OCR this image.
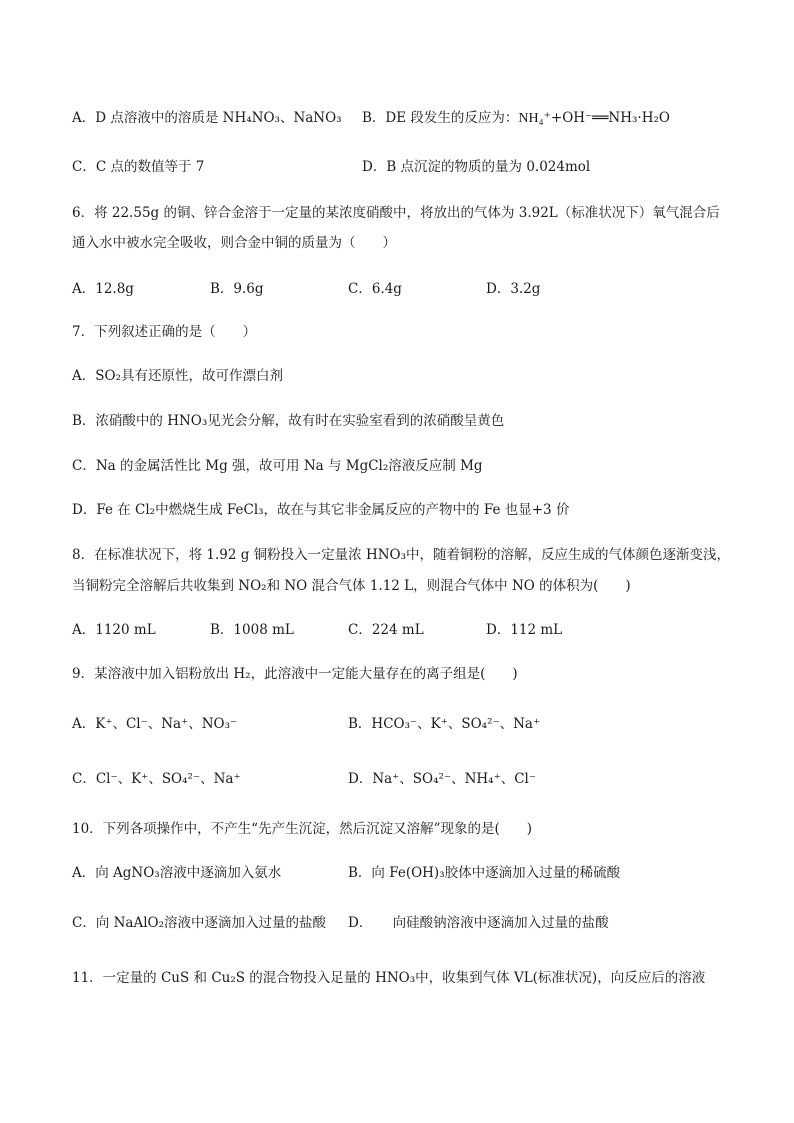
A．D 点溶液中的溶质是 NH₄NO₃、NaNO₃ B．DE 段发生的反应为：NH₄⁺+OH⁻══NH₃·H₂O
C．C 点的数值等于 7	D．B 点沉淀的物质的量为 0.024mol
6．将 22.55g 的铜、锌合金溶于一定量的某浓度硝酸中，将放出的气体为 3.92L（标准状况下）氧气混合后
通入水中被水完全吸收，则合金中铜的质量为（　　）
A．12.8g	B．9.6g	C．6.4g	D．3.2g
7．下列叙述正确的是（　　）
A．SO₂具有还原性，故可作漂白剂
B．浓硝酸中的 HNO₃见光会分解，故有时在实验室看到的浓硝酸呈黄色
C．Na 的金属活性比 Mg 强，故可用 Na 与 MgCl₂溶液反应制 Mg
D．Fe 在 Cl₂中燃烧生成 FeCl₃，故在与其它非金属反应的产物中的 Fe 也显+3 价
8．在标准状况下，将 1.92 g 铜粉投入一定量浓 HNO₃中，随着铜粉的溶解，反应生成的气体颜色逐渐变浅，
当铜粉完全溶解后共收集到 NO₂和 NO 混合气体 1.12 L，则混合气体中 NO 的体积为(　　)
A．1120 mL	B．1008 mL	C．224 mL	D．112 mL
9．某溶液中加入铝粉放出 H₂，此溶液中一定能大量存在的离子组是(　　)
A．K⁺、Cl⁻、Na⁺、NO₃⁻	B．HCO₃⁻、K⁺、SO₄²⁻、Na⁺
C．Cl⁻、K⁺、SO₄²⁻、Na⁺	D．Na⁺、SO₄²⁻、NH₄⁺、Cl⁻
10．下列各项操作中，不产生“先产生沉淀，然后沉淀又溶解”现象的是(　　)
A．向 AgNO₃溶液中逐滴加入氨水	B．向 Fe(OH)₃胶体中逐滴加入过量的稀硫酸
C．向 NaAlO₂溶液中逐滴加入过量的盐酸 D．　　向硅酸钠溶液中逐滴加入过量的盐酸
11．一定量的 CuS 和 Cu₂S 的混合物投入足量的 HNO₃中，收集到气体 VL(标准状况)，向反应后的溶液
